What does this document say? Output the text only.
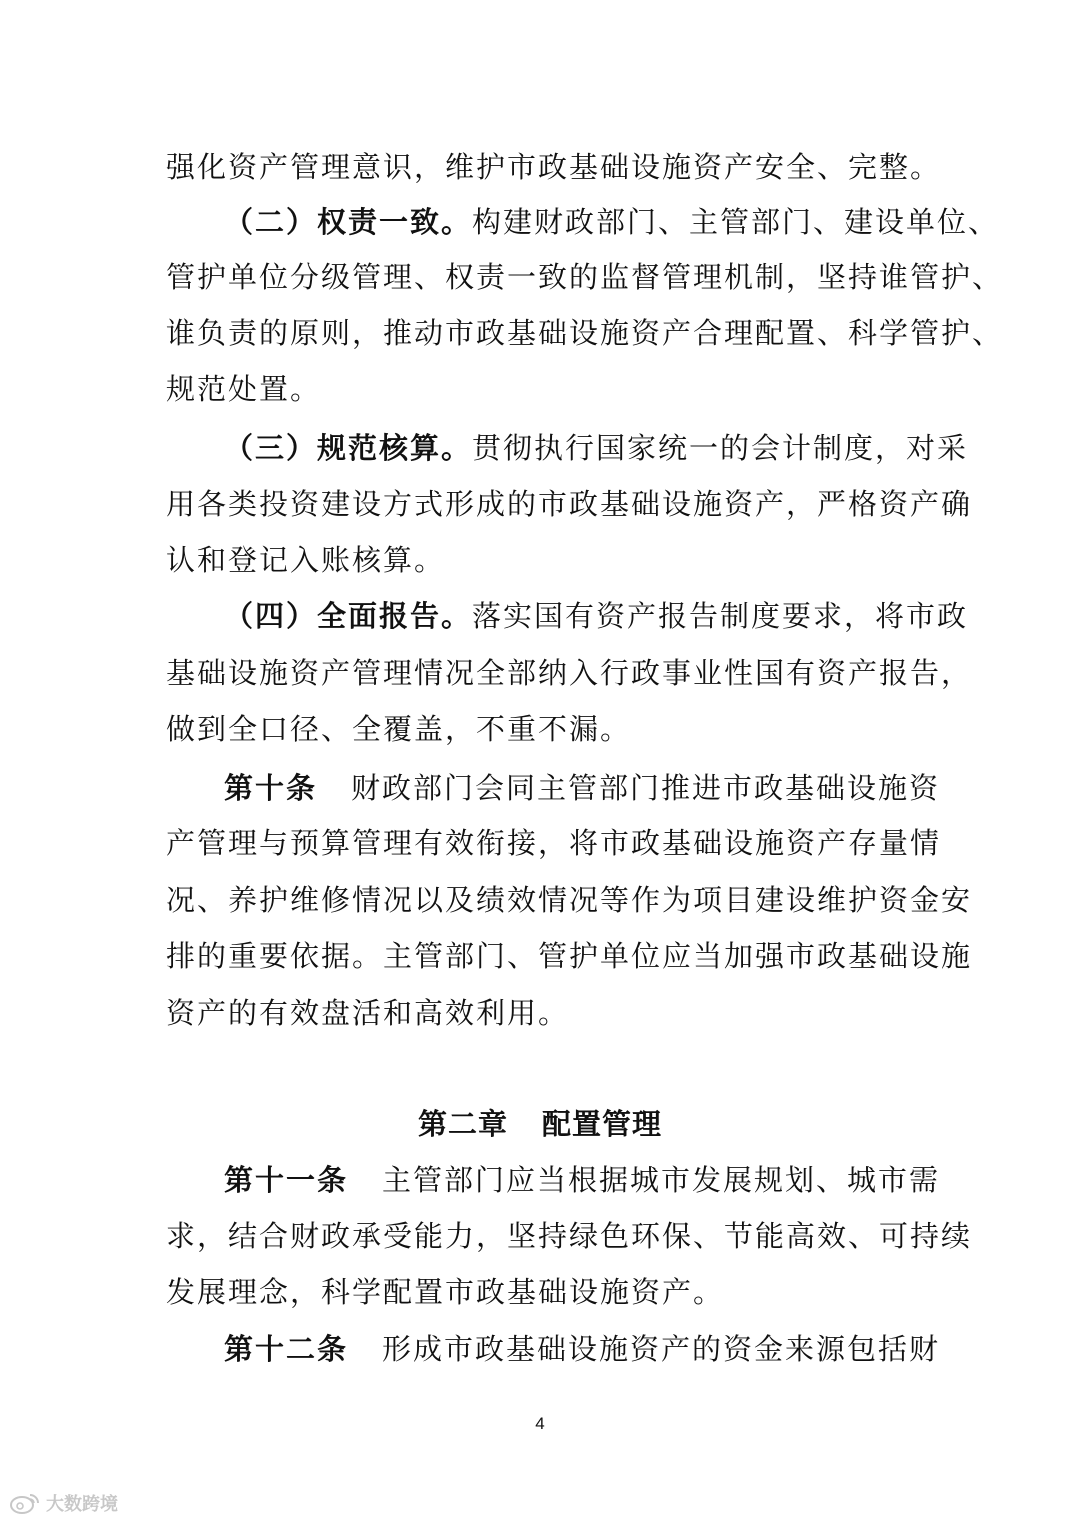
强化资产管理意识，维护市政基础设施资产安全、完整。
（二）权责一致。构建财政部门、主管部门、建设单位、
管护单位分级管理、权责一致的监督管理机制，坚持谁管护、
谁负责的原则，推动市政基础设施资产合理配置、科学管护、
规范处置。
（三）规范核算。贯彻执行国家统一的会计制度，对采
用各类投资建设方式形成的市政基础设施资产，严格资产确
认和登记入账核算。
（四）全面报告。落实国有资产报告制度要求，将市政
基础设施资产管理情况全部纳入行政事业性国有资产报告，
做到全口径、全覆盖，不重不漏。
第十条 财政部门会同主管部门推进市政基础设施资
产管理与预算管理有效衔接，将市政基础设施资产存量情
况、养护维修情况以及绩效情况等作为项目建设维护资金安
排的重要依据。主管部门、管护单位应当加强市政基础设施
资产的有效盘活和高效利用。
第二章 配置管理
第十一条 主管部门应当根据城市发展规划、城市需
求，结合财政承受能力，坚持绿色环保、节能高效、可持续
发展理念，科学配置市政基础设施资产。
第十二条 形成市政基础设施资产的资金来源包括财
4
大数跨境
